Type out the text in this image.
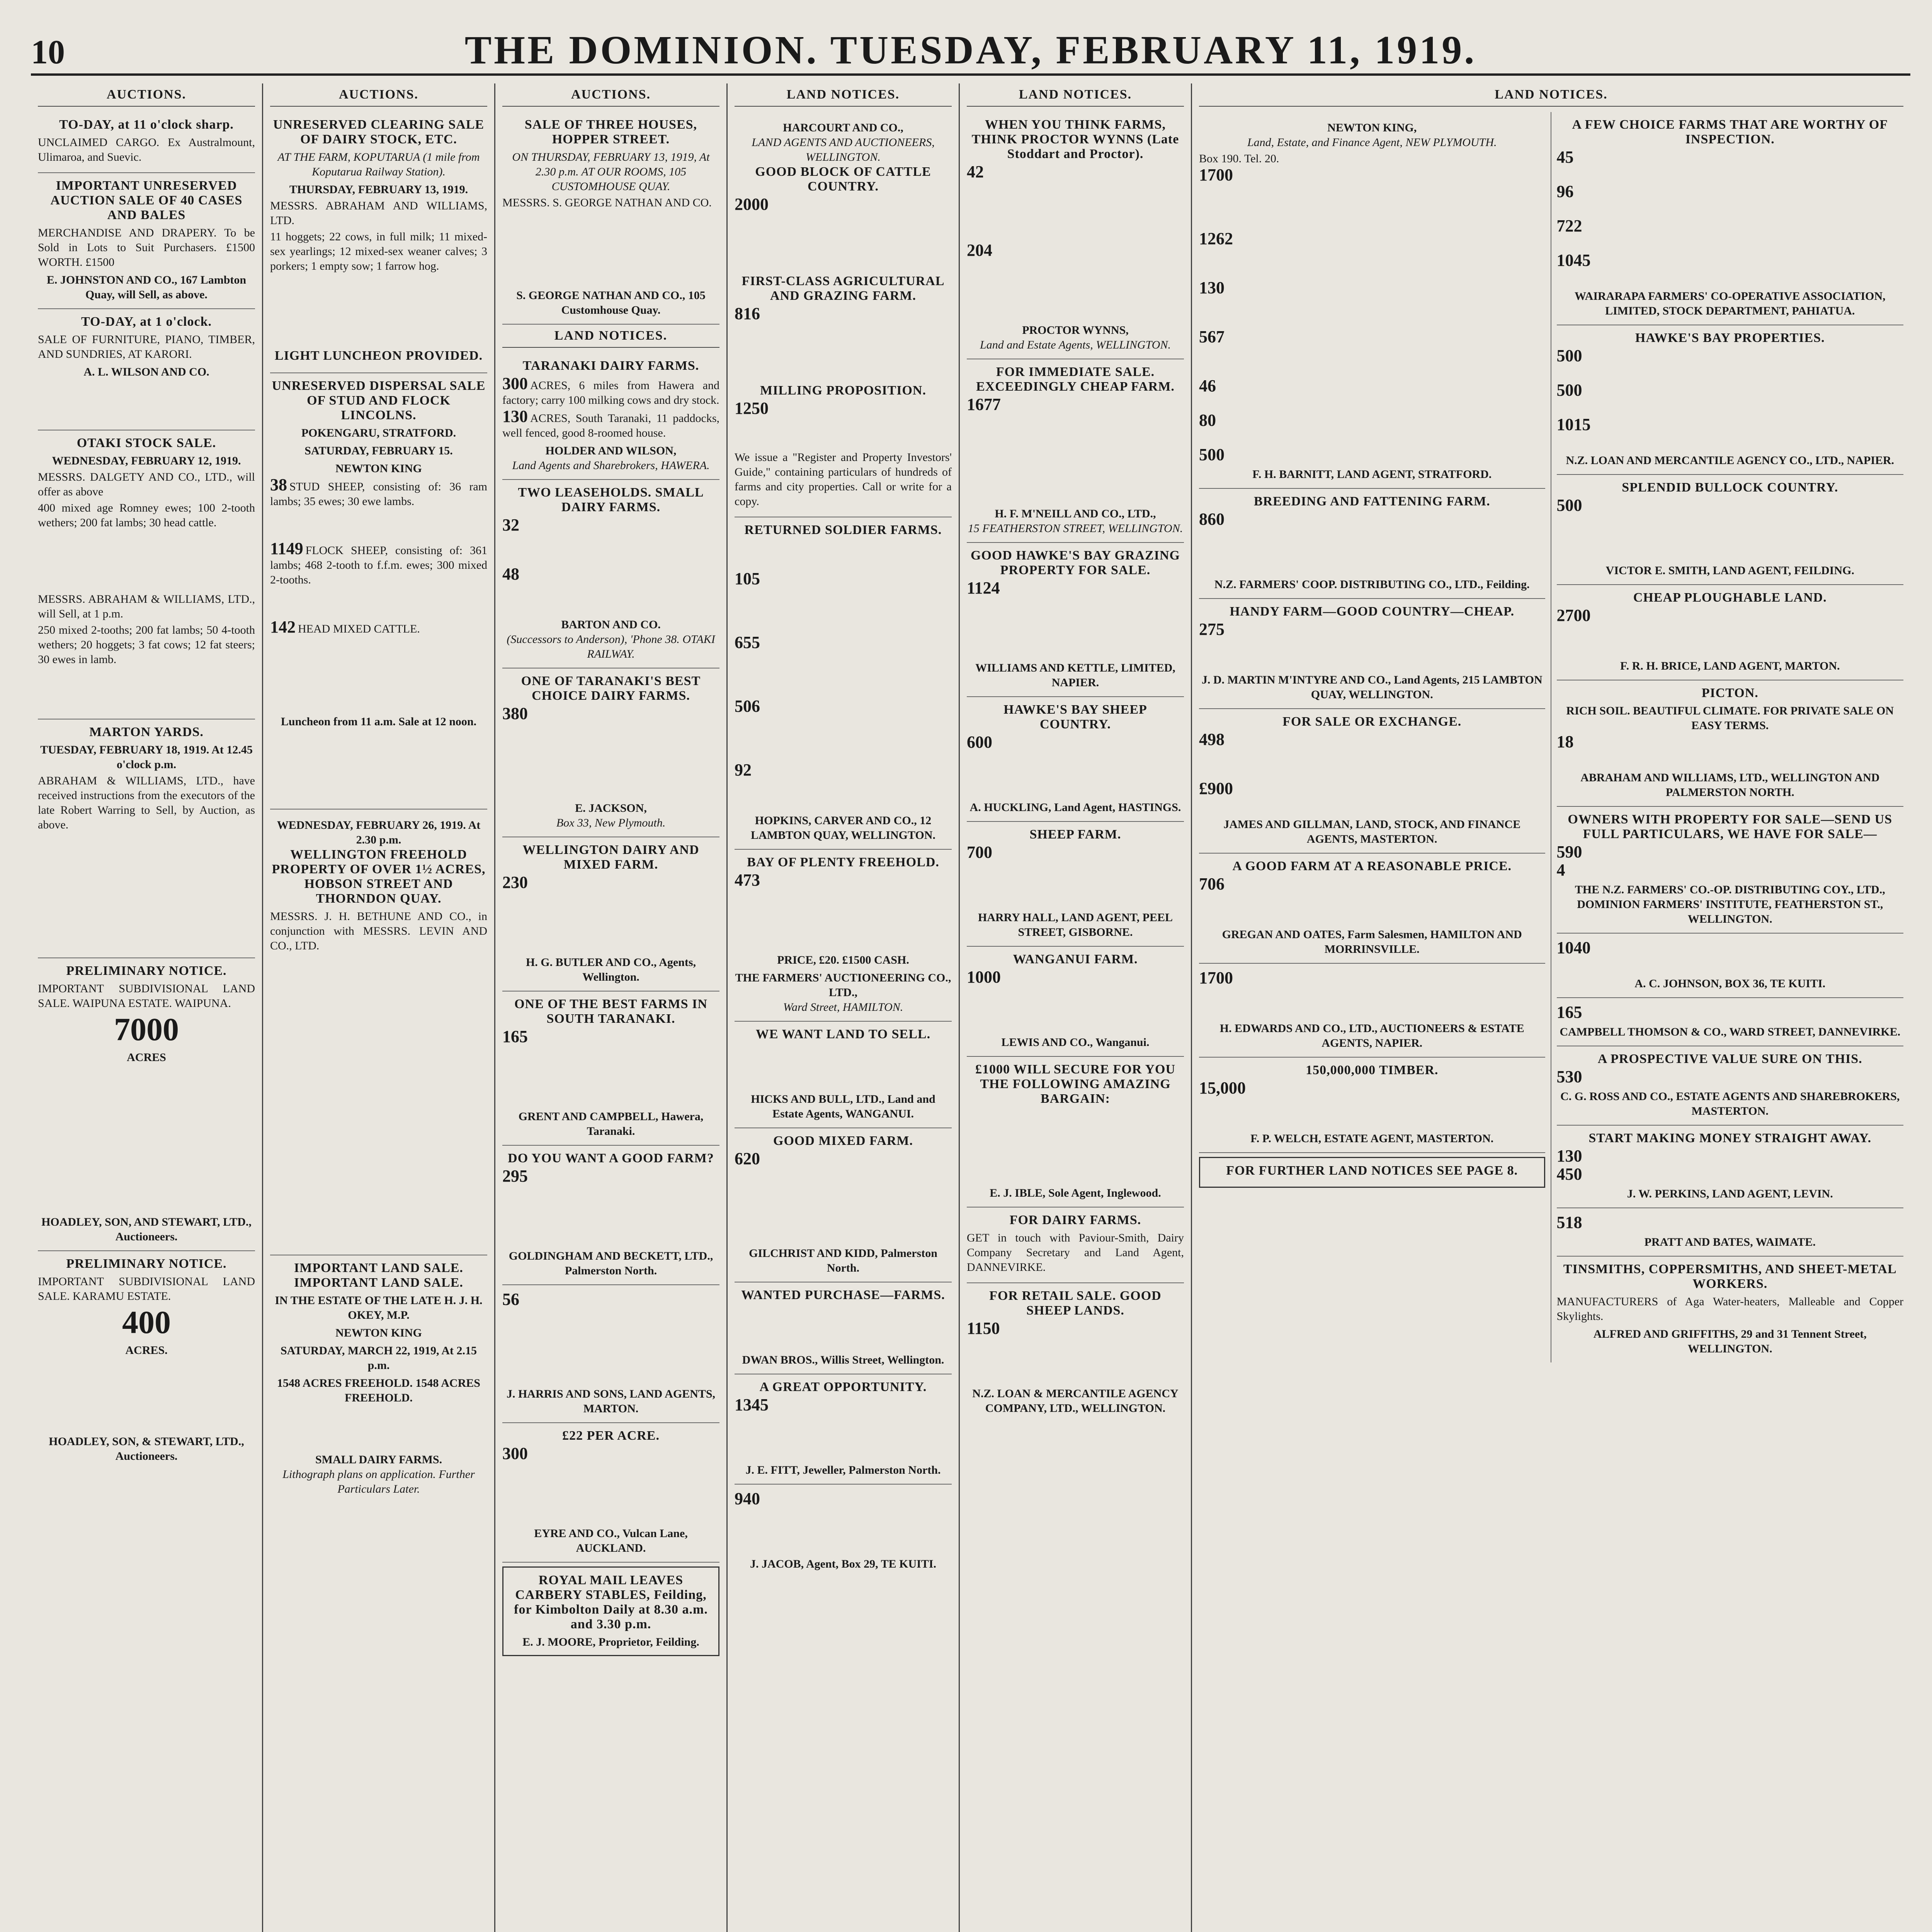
10	THE DOMINION. TUESDAY, FEBRUARY 11, 1919.
AUCTIONS.
TO-DAY, at 11 o'clock sharp.
UNCLAIMED CARGO. Ex Australmount, Ulimaroa, and Suevic.
IMPORTANT UNRESERVED AUCTION SALE OF 40 CASES AND BALES
MERCHANDISE AND DRAPERY. To be Sold in Lots to Suit Purchasers. £1500 WORTH. £1500
E. JOHNSTON AND CO., 167 Lambton Quay, will Sell, as above.
TO-DAY, at 1 o'clock.
SALE OF FURNITURE, PIANO, TIMBER, AND SUNDRIES, AT KARORI.
A. L. WILSON AND CO.
OTAKI STOCK SALE.
WEDNESDAY, FEBRUARY 12, 1919.
MESSRS. DALGETY AND CO., LTD., will offer as above
400 mixed age Romney ewes; 100 2-tooth wethers; 200 fat lambs; 30 head cattle.
MESSRS. ABRAHAM & WILLIAMS, LTD., will Sell, at 1 p.m.
250 mixed 2-tooths; 200 fat lambs; 50 4-tooth wethers; 20 hoggets; 3 fat cows; 12 fat steers; 30 ewes in lamb.
MARTON YARDS.
TUESDAY, FEBRUARY 18, 1919. At 12.45 o'clock p.m.
ABRAHAM & WILLIAMS, LTD., have received instructions from the executors of the late Robert Warring to Sell, by Auction, as above.
PRELIMINARY NOTICE.
IMPORTANT SUBDIVISIONAL LAND SALE. WAIPUNA ESTATE. WAIPUNA.
7000
ACRES
HOADLEY, SON, AND STEWART, LTD., Auctioneers.
PRELIMINARY NOTICE.
IMPORTANT SUBDIVISIONAL LAND SALE. KARAMU ESTATE.
400
ACRES.
HOADLEY, SON, & STEWART, LTD., Auctioneers.
AUCTIONS.
UNRESERVED CLEARING SALE OF DAIRY STOCK, ETC.
AT THE FARM, KOPUTARUA (1 mile from Koputarua Railway Station).
THURSDAY, FEBRUARY 13, 1919.
MESSRS. ABRAHAM AND WILLIAMS, LTD.
11 hoggets; 22 cows, in full milk; 11 mixed-sex yearlings; 12 mixed-sex weaner calves; 3 porkers; 1 empty sow; 1 farrow hog.
LIGHT LUNCHEON PROVIDED.
UNRESERVED DISPERSAL SALE OF STUD AND FLOCK LINCOLNS.
POKENGARU, STRATFORD.
SATURDAY, FEBRUARY 15.
NEWTON KING
38 STUD SHEEP, consisting of: 36 ram lambs; 35 ewes; 30 ewe lambs.
1149 FLOCK SHEEP, consisting of: 361 lambs; 468 2-tooth to f.f.m. ewes; 300 mixed 2-tooths.
142 HEAD MIXED CATTLE.
Luncheon from 11 a.m. Sale at 12 noon.
WEDNESDAY, FEBRUARY 26, 1919. At 2.30 p.m.
WELLINGTON FREEHOLD PROPERTY OF OVER 1½ ACRES, HOBSON STREET AND THORNDON QUAY.
MESSRS. J. H. BETHUNE AND CO., in conjunction with MESSRS. LEVIN AND CO., LTD.
IMPORTANT LAND SALE. IMPORTANT LAND SALE.
IN THE ESTATE OF THE LATE H. J. H. OKEY, M.P.
NEWTON KING
SATURDAY, MARCH 22, 1919, At 2.15 p.m.
1548 ACRES FREEHOLD. 1548 ACRES FREEHOLD.
SMALL DAIRY FARMS.
Lithograph plans on application. Further Particulars Later.
AUCTIONS.
SALE OF THREE HOUSES, HOPPER STREET.
ON THURSDAY, FEBRUARY 13, 1919, At 2.30 p.m. AT OUR ROOMS, 105 CUSTOMHOUSE QUAY.
MESSRS. S. GEORGE NATHAN AND CO.
S. GEORGE NATHAN AND CO., 105 Customhouse Quay.
LAND NOTICES.
TARANAKI DAIRY FARMS.
300 ACRES, 6 miles from Hawera and factory; carry 100 milking cows and dry stock.
130 ACRES, South Taranaki, 11 paddocks, well fenced, good 8-roomed house.
HOLDER AND WILSON,
Land Agents and Sharebrokers, HAWERA.
TWO LEASEHOLDS. SMALL DAIRY FARMS.
32
48
BARTON AND CO.
(Successors to Anderson), 'Phone 38. OTAKI RAILWAY.
ONE OF TARANAKI'S BEST CHOICE DAIRY FARMS.
380
E. JACKSON,
Box 33, New Plymouth.
WELLINGTON DAIRY AND MIXED FARM.
230
H. G. BUTLER AND CO., Agents, Wellington.
ONE OF THE BEST FARMS IN SOUTH TARANAKI.
165
GRENT AND CAMPBELL, Hawera, Taranaki.
DO YOU WANT A GOOD FARM?
295
GOLDINGHAM AND BECKETT, LTD., Palmerston North.
56
J. HARRIS AND SONS, LAND AGENTS, MARTON.
£22 PER ACRE.
300
EYRE AND CO., Vulcan Lane, AUCKLAND.
ROYAL MAIL LEAVES CARBERY STABLES, Feilding, for Kimbolton Daily at 8.30 a.m. and 3.30 p.m.
E. J. MOORE, Proprietor, Feilding.
LAND NOTICES.
HARCOURT AND CO.,
LAND AGENTS AND AUCTIONEERS, WELLINGTON.
GOOD BLOCK OF CATTLE COUNTRY.
2000
FIRST-CLASS AGRICULTURAL AND GRAZING FARM.
816
MILLING PROPOSITION.
1250
We issue a "Register and Property Investors' Guide," containing particulars of hundreds of farms and city properties. Call or write for a copy.
RETURNED SOLDIER FARMS.
105
655
506
92
HOPKINS, CARVER AND CO., 12 LAMBTON QUAY, WELLINGTON.
BAY OF PLENTY FREEHOLD.
473
PRICE, £20. £1500 CASH.
THE FARMERS' AUCTIONEERING CO., LTD.,
Ward Street, HAMILTON.
WE WANT LAND TO SELL.
HICKS AND BULL, LTD., Land and Estate Agents, WANGANUI.
GOOD MIXED FARM.
620
GILCHRIST AND KIDD, Palmerston North.
WANTED PURCHASE—FARMS.
DWAN BROS., Willis Street, Wellington.
A GREAT OPPORTUNITY.
1345
J. E. FITT, Jeweller, Palmerston North.
940
J. JACOB, Agent, Box 29, TE KUITI.
LAND NOTICES.
WHEN YOU THINK FARMS, THINK PROCTOR WYNNS (Late Stoddart and Proctor).
42
204
PROCTOR WYNNS,
Land and Estate Agents, WELLINGTON.
FOR IMMEDIATE SALE. EXCEEDINGLY CHEAP FARM.
1677
H. F. M'NEILL AND CO., LTD.,
15 FEATHERSTON STREET, WELLINGTON.
GOOD HAWKE'S BAY GRAZING PROPERTY FOR SALE.
1124
WILLIAMS AND KETTLE, LIMITED, NAPIER.
HAWKE'S BAY SHEEP COUNTRY.
600
A. HUCKLING, Land Agent, HASTINGS.
SHEEP FARM.
700
HARRY HALL, LAND AGENT, PEEL STREET, GISBORNE.
WANGANUI FARM.
1000
LEWIS AND CO., Wanganui.
£1000 WILL SECURE FOR YOU THE FOLLOWING AMAZING BARGAIN:
E. J. IBLE, Sole Agent, Inglewood.
FOR DAIRY FARMS.
GET in touch with Paviour-Smith, Dairy Company Secretary and Land Agent, DANNEVIRKE.
FOR RETAIL SALE. GOOD SHEEP LANDS.
1150
N.Z. LOAN & MERCANTILE AGENCY COMPANY, LTD., WELLINGTON.
LAND NOTICES.
NEWTON KING,
Land, Estate, and Finance Agent, NEW PLYMOUTH.
Box 190. Tel. 20.
1700
1262
130
567
46
80
500
F. H. BARNITT, LAND AGENT, STRATFORD.
BREEDING AND FATTENING FARM.
860
N.Z. FARMERS' COOP. DISTRIBUTING CO., LTD., Feilding.
HANDY FARM—GOOD COUNTRY—CHEAP.
275
J. D. MARTIN M'INTYRE AND CO., Land Agents, 215 LAMBTON QUAY, WELLINGTON.
FOR SALE OR EXCHANGE.
498
£900
JAMES AND GILLMAN, LAND, STOCK, AND FINANCE AGENTS, MASTERTON.
A GOOD FARM AT A REASONABLE PRICE.
706
GREGAN AND OATES, Farm Salesmen, HAMILTON AND MORRINSVILLE.
1700
H. EDWARDS AND CO., LTD., AUCTIONEERS & ESTATE AGENTS, NAPIER.
150,000,000 TIMBER.
15,000
F. P. WELCH, ESTATE AGENT, MASTERTON.
FOR FURTHER LAND NOTICES SEE PAGE 8.
A FEW CHOICE FARMS THAT ARE WORTHY OF INSPECTION.
45
96
722
1045
WAIRARAPA FARMERS' CO-OPERATIVE ASSOCIATION, LIMITED, STOCK DEPARTMENT, PAHIATUA.
HAWKE'S BAY PROPERTIES.
500
500
1015
N.Z. LOAN AND MERCANTILE AGENCY CO., LTD., NAPIER.
SPLENDID BULLOCK COUNTRY.
500
VICTOR E. SMITH, LAND AGENT, FEILDING.
CHEAP PLOUGHABLE LAND.
2700
F. R. H. BRICE, LAND AGENT, MARTON.
PICTON.
RICH SOIL. BEAUTIFUL CLIMATE. FOR PRIVATE SALE ON EASY TERMS.
18
ABRAHAM AND WILLIAMS, LTD., WELLINGTON AND PALMERSTON NORTH.
OWNERS WITH PROPERTY FOR SALE—SEND US FULL PARTICULARS, WE HAVE FOR SALE—
590
4
THE N.Z. FARMERS' CO.-OP. DISTRIBUTING COY., LTD., DOMINION FARMERS' INSTITUTE, FEATHERSTON ST., WELLINGTON.
1040
A. C. JOHNSON, BOX 36, TE KUITI.
165
CAMPBELL THOMSON & CO., WARD STREET, DANNEVIRKE.
A PROSPECTIVE VALUE SURE ON THIS.
530
C. G. ROSS AND CO., ESTATE AGENTS AND SHAREBROKERS, MASTERTON.
START MAKING MONEY STRAIGHT AWAY.
130
450
J. W. PERKINS, LAND AGENT, LEVIN.
518
PRATT AND BATES, WAIMATE.
TINSMITHS, COPPERSMITHS, AND SHEET-METAL WORKERS.
MANUFACTURERS of Aga Water-heaters, Malleable and Copper Skylights.
ALFRED AND GRIFFITHS, 29 and 31 Tennent Street, WELLINGTON.
